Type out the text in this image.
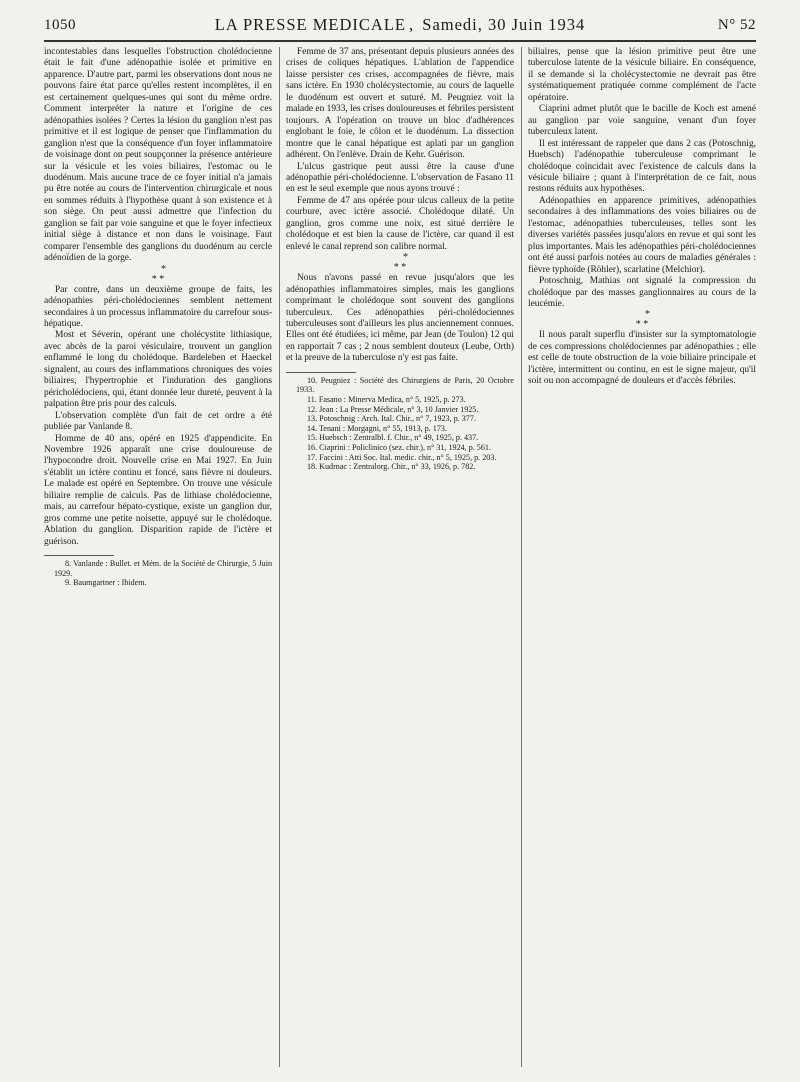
1050	LA PRESSE MEDICALE , Samedi, 30 Juin 1934	N° 52

incontestables dans lesquelles l'obstruction cholédocienne était le fait d'une adénopathie isolée et primitive en apparence. D'autre part, parmi les observations dont nous ne pouvons faire état parce qu'elles restent incomplètes, il en est certainement quelques-unes qui sont du même ordre. Comment interpréter la nature et l'origine de ces adénopathies isolées ? Certes la lésion du ganglion n'est pas primitive et il est logique de penser que l'inflammation du ganglion n'est que la conséquence d'un foyer inflammatoire de voisinage dont on peut soupçonner la présence antérieure sur la vésicule et les voies biliaires, l'estomac ou le duodénum. Mais aucune trace de ce foyer initial n'a jamais pu être notée au cours de l'intervention chirurgicale et nous en sommes réduits à l'hypothèse quant à son existence et à son siège. On peut aussi admettre que l'infection du ganglion se fait par voie sanguine et que le foyer infectieux initial siège à distance et non dans le voisinage. Faut comparer l'ensemble des ganglions du duodénum au cercle adénoïdien de la gorge.

*
* *

Par contre, dans un deuxième groupe de faits, les adénopathies péri-cholédociennes semblent nettement secondaires à un processus inflammatoire du carrefour sous-hépatique.

Most et Séverin, opérant une cholécystite lithiasique, avec abcès de la paroi vésiculaire, trouvent un ganglion enflammé le long du cholédoque. Bardeleben et Haeckel signalent, au cours des inflammations chroniques des voies biliaires, l'hypertrophie et l'induration des ganglions péricholédociens, qui, étant donnée leur dureté, peuvent à la palpation être pris pour des calculs.

L'observation complète d'un fait de cet ordre a été publiée par Vanlande 8.

Homme de 40 ans, opéré en 1925 d'appendicite. En Novembre 1926 apparaît une crise douloureuse de l'hypocondre droit. Nouvelle crise en Mai 1927. En Juin s'établit un ictère continu et foncé, sans fièvre ni douleurs. Le malade est opéré en Septembre. On trouve une vésicule biliaire remplie de calculs. Pas de lithiase cholédocienne, mais, au carrefour hépato-cystique, existe un ganglion dur, gros comme une petite noisette, appuyé sur le cholédoque. Ablation du ganglion. Disparition rapide de l'ictère et guérison.

8. Vanlande : Bullet. et Mém. de la Société de Chirurgie, 5 Juin 1929.

9. Baumgartner : Ibidem.

Femme de 37 ans, présentant depuis plusieurs années des crises de coliques hépatiques. L'ablation de l'appendice laisse persister ces crises, accompagnées de fièvre, mais sans ictère. En 1930 cholécystectomie, au cours de laquelle le duodénum est ouvert et suturé. M. Peugniez voit la malade en 1933, les crises douloureuses et fébriles persistent toujours. A l'opération on trouve un bloc d'adhérences englobant le foie, le côlon et le duodénum. La dissection montre que le canal hépatique est aplati par un ganglion adhérent. On l'enlève. Drain de Kehr. Guérison.

L'ulcus gastrique peut aussi être la cause d'une adénopathie péri-cholédocienne. L'observation de Fasano 11 en est le seul exemple que nous ayons trouvé :

Femme de 47 ans opérée pour ulcus calleux de la petite courbure, avec ictère associé. Cholédoque dilaté. Un ganglion, gros comme une noix, est situé derrière le cholédoque et est bien la cause de l'ictère, car quand il est enlevé le canal reprend son calibre normal.

*
* *

Nous n'avons passé en revue jusqu'alors que les adénopathies inflammatoires simples, mais les ganglions comprimant le cholédoque sont souvent des ganglions tuberculeux. Ces adénopathies péri-cholédociennes tuberculeuses sont d'ailleurs les plus anciennement connues. Elles ont été étudiées, ici même, par Jean (de Toulon) 12 qui en rapportait 7 cas ; 2 nous semblent douteux (Leube, Orth) et la preuve de la tuberculose n'y est pas faite.

10. Peugniez : Société des Chirurgiens de Paris, 20 Octobre 1933.

11. Fasano : Minerva Medica, n° 5, 1925, p. 273.

12. Jean : La Presse Médicale, n° 3, 10 Janvier 1925.

13. Potoschnig : Arch. Ital. Chir., n° 7, 1923, p. 377.

14. Tenani : Morgagni, n° 55, 1913, p. 173.

15. Huebsch : Zentralbl. f. Chir., n° 49, 1925, p. 437.

16. Ciaprini : Policlinico (sez. chir.), n° 31, 1924, p. 561.

17. Faccini : Atti Soc. Ital. medic. chir., n° 5, 1925, p. 203.

18. Kudrnac : Zentralorg. Chir., n° 33, 1926, p. 782.

biliaires, pense que la lésion primitive peut être une tuberculose latente de la vésicule biliaire. En conséquence, il se demande si la cholécystectomie ne devrait pas être systématiquement pratiquée comme complément de l'acte opératoire.

Ciaprini admet plutôt que le bacille de Koch est amené au ganglion par voie sanguine, venant d'un foyer tuberculeux latent.

Il est intéressant de rappeler que dans 2 cas (Potoschnig, Huebsch) l'adénopathie tuberculeuse comprimant le cholédoque coïncidait avec l'existence de calculs dans la vésicule biliaire ; quant à l'interprétation de ce fait, nous restons réduits aux hypothèses.

Adénopathies en apparence primitives, adénopathies secondaires à des inflammations des voies biliaires ou de l'estomac, adénopathies tuberculeuses, telles sont les diverses variétés passées jusqu'alors en revue et qui sont les plus importantes. Mais les adénopathies péri-cholédociennes ont été aussi parfois notées au cours de maladies générales : fièvre typhoïde (Röhler), scarlatine (Melchior).

Potoschnig, Mathias ont signalé la compression du cholédoque par des masses ganglionnaires au cours de la leucémie.

*
* *

Il nous paraît superflu d'insister sur la symptomatologie de ces compressions cholédociennes par adénopathies ; elle est celle de toute obstruction de la voie biliaire principale et l'ictère, intermittent ou continu, en est le signe majeur, qu'il soit ou non accompagné de douleurs et d'accès fébriles.
